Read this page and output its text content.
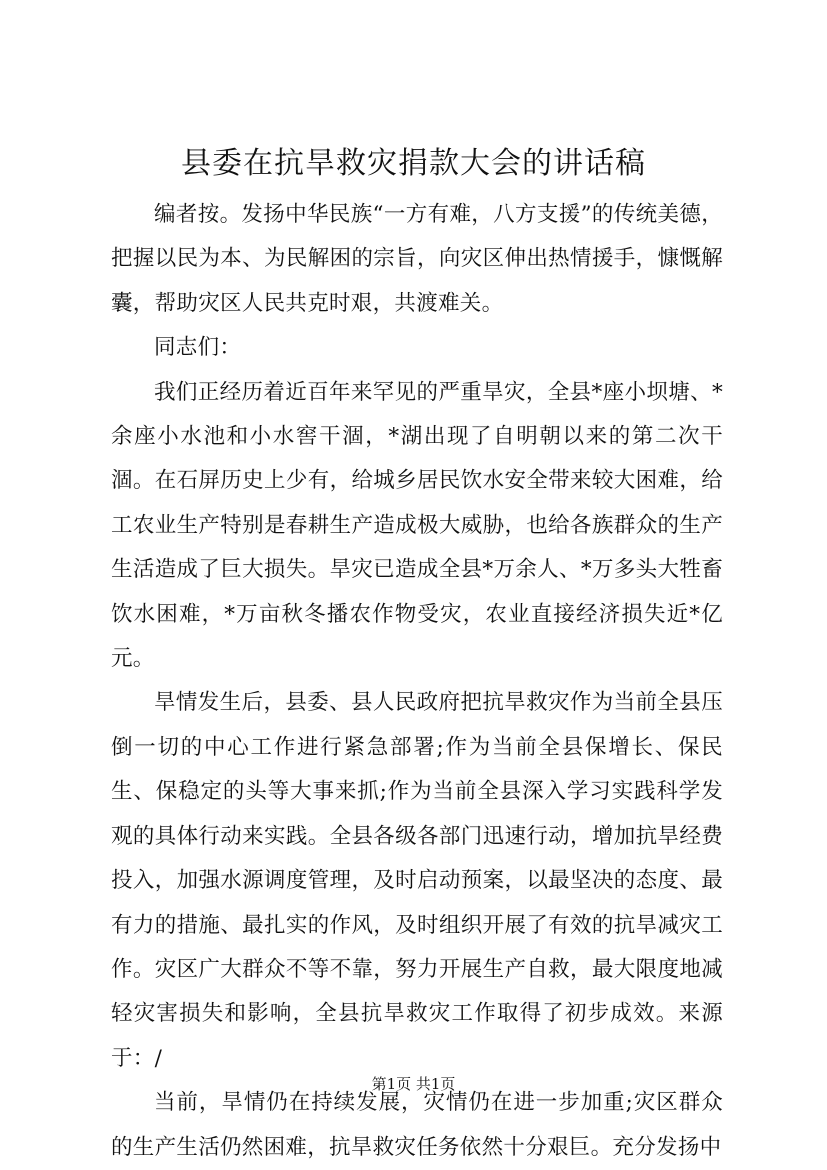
县委在抗旱救灾捐款大会的讲话稿

编者按。发扬中华民族“一方有难，八方支援”的传统美德，把握以民为本、为民解困的宗旨，向灾区伸出热情援手，慷慨解囊，帮助灾区人民共克时艰，共渡难关。

同志们：

我们正经历着近百年来罕见的严重旱灾，全县*座小坝塘、*余座小水池和小水窖干涸，*湖出现了自明朝以来的第二次干涸。在石屏历史上少有，给城乡居民饮水安全带来较大困难，给工农业生产特别是春耕生产造成极大威胁，也给各族群众的生产生活造成了巨大损失。旱灾已造成全县*万余人、*万多头大牲畜饮水困难，*万亩秋冬播农作物受灾，农业直接经济损失近*亿元。

旱情发生后，县委、县人民政府把抗旱救灾作为当前全县压倒一切的中心工作进行紧急部署;作为当前全县保增长、保民生、保稳定的头等大事来抓;作为当前全县深入学习实践科学发观的具体行动来实践。全县各级各部门迅速行动，增加抗旱经费投入，加强水源调度管理，及时启动预案，以最坚决的态度、最有力的措施、最扎实的作风，及时组织开展了有效的抗旱减灾工作。灾区广大群众不等不靠，努力开展生产自救，最大限度地减轻灾害损失和影响，全县抗旱救灾工作取得了初步成效。来源于：/

当前，旱情仍在持续发展，灾情仍在进一步加重;灾区群众的生产生活仍然困难，抗旱救灾任务依然十分艰巨。充分发扬中

第1页 共1页
